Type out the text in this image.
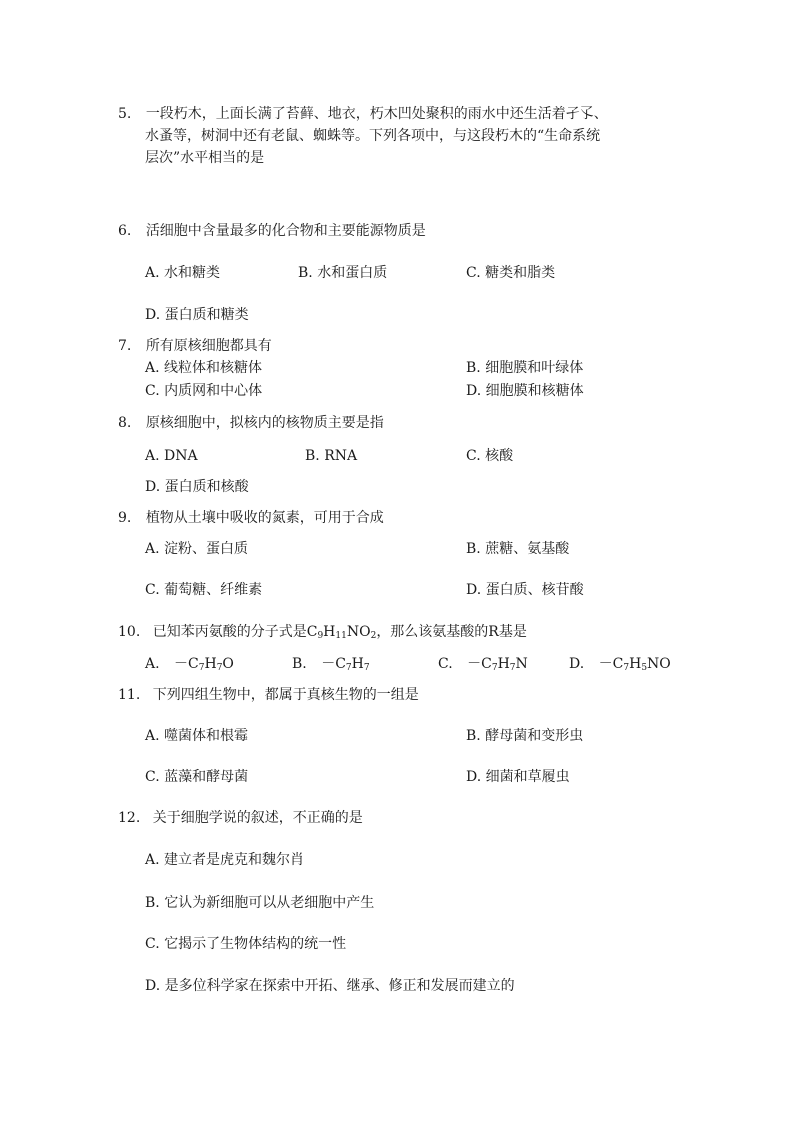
5. 一段朽木，上面长满了苔藓、地衣，朽木凹处聚积的雨水中还生活着孑孓、
水蚤等，树洞中还有老鼠、蜘蛛等。下列各项中，与这段朽木的“生命系统
层次”水平相当的是
6. 活细胞中含量最多的化合物和主要能源物质是
A. 水和糖类	B. 水和蛋白质	C. 糖类和脂类
D. 蛋白质和糖类
7. 所有原核细胞都具有
A. 线粒体和核糖体	B. 细胞膜和叶绿体
C. 内质网和中心体	D. 细胞膜和核糖体
8. 原核细胞中，拟核内的核物质主要是指
A. DNA	B. RNA	C. 核酸
D. 蛋白质和核酸
9. 植物从土壤中吸收的氮素，可用于合成
A. 淀粉、蛋白质	B. 蔗糖、氨基酸
C. 葡萄糖、纤维素	D. 蛋白质、核苷酸
10. 已知苯丙氨酸的分子式是$C_9H_{11}NO_2$，那么该氨基酸的R基是
A. $-C_7H_7O$	B. $-C_7H_7$	C. $-C_7H_7N$	D. $-C_7H_5NO$
11. 下列四组生物中，都属于真核生物的一组是
A. 噬菌体和根霉	B. 酵母菌和变形虫
C. 蓝藻和酵母菌	D. 细菌和草履虫
12. 关于细胞学说的叙述，不正确的是
A. 建立者是虎克和魏尔肖
B. 它认为新细胞可以从老细胞中产生
C. 它揭示了生物体结构的统一性
D. 是多位科学家在探索中开拓、继承、修正和发展而建立的
